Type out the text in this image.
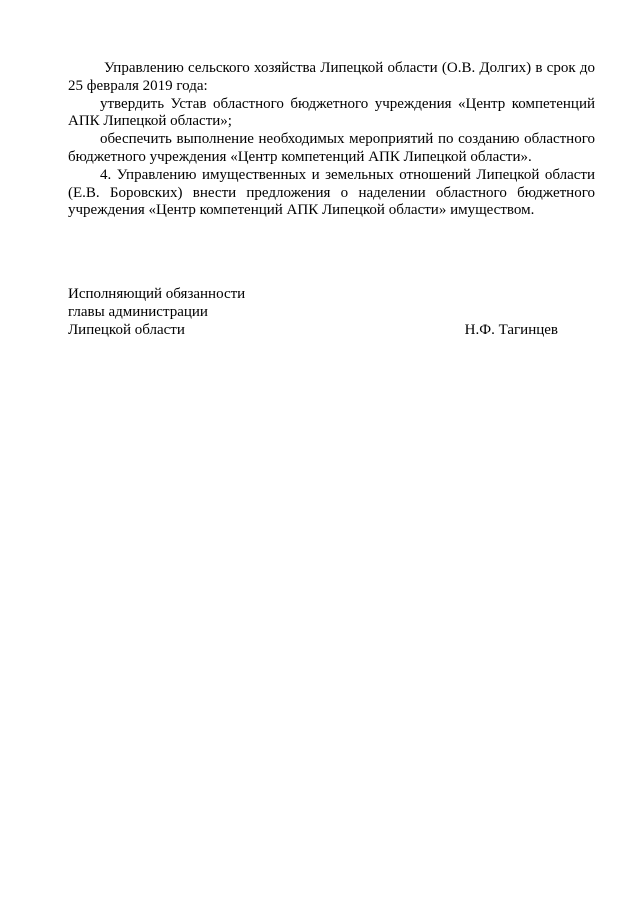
Управлению сельского хозяйства Липецкой области (О.В. Долгих) в срок до 25 февраля 2019 года:

утвердить Устав областного бюджетного учреждения «Центр компетенций АПК Липецкой области»;

обеспечить выполнение необходимых мероприятий по созданию областного бюджетного учреждения «Центр компетенций АПК Липецкой области».

4. Управлению имущественных и земельных отношений Липецкой области (Е.В. Боровских) внести предложения о наделении областного бюджетного учреждения «Центр компетенций АПК Липецкой области» имуществом.

Исполняющий обязанности
главы администрации
Липецкой области	Н.Ф. Тагинцев
